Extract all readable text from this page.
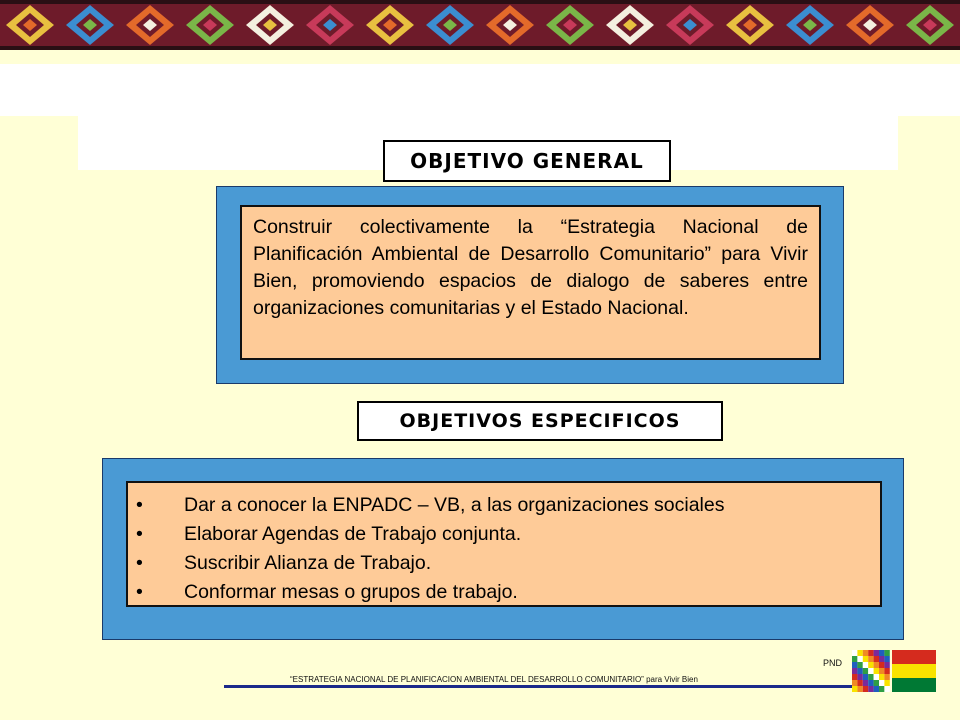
OBJETIVO GENERAL
Construir colectivamente la “Estrategia Nacional de Planificación Ambiental de Desarrollo Comunitario” para Vivir Bien, promoviendo espacios de dialogo de saberes entre organizaciones comunitarias y el Estado Nacional.
OBJETIVOS ESPECIFICOS
• Dar a conocer la ENPADC – VB, a las organizaciones sociales
• Elaborar Agendas de Trabajo conjunta.
• Suscribir Alianza de Trabajo.
• Conformar mesas o grupos de trabajo.
PND
“ESTRATEGIA NACIONAL DE PLANIFICACION AMBIENTAL DEL DESARROLLO COMUNITARIO” para Vivir Bien
